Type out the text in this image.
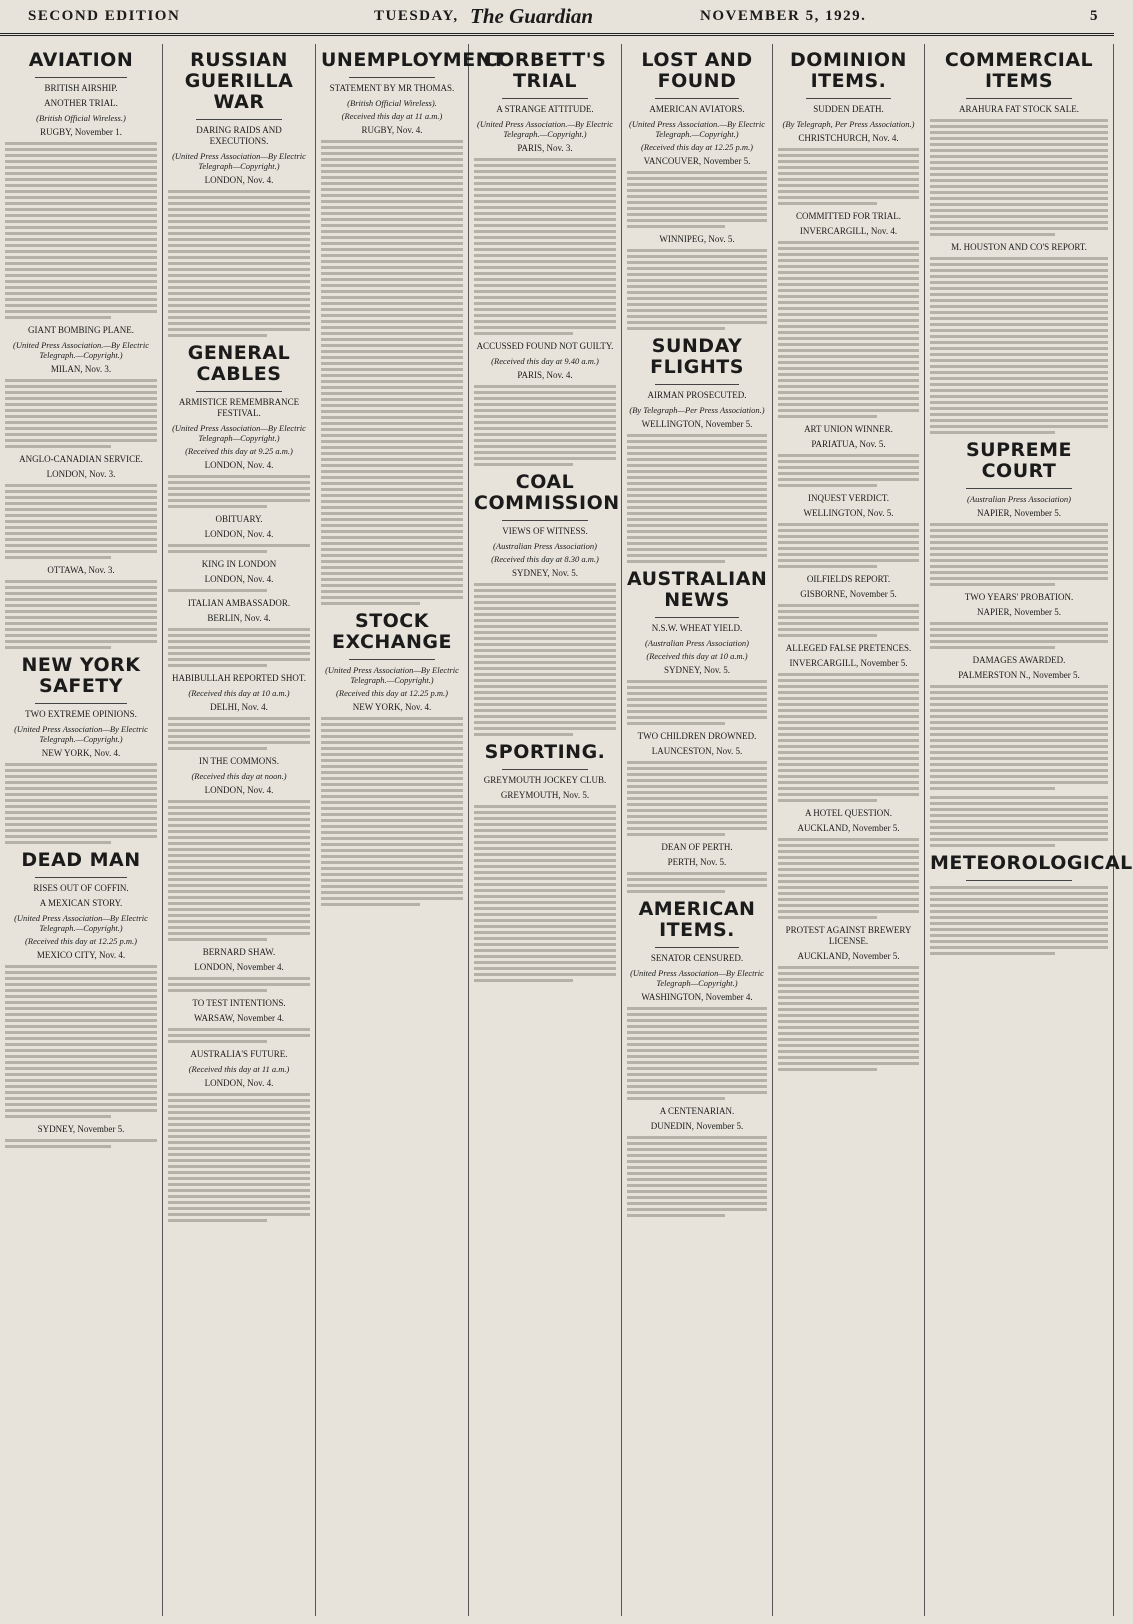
SECOND EDITION	TUESDAY, The Guardian	NOVEMBER 5, 1929.	5
AVIATION
BRITISH AIRSHIP.
ANOTHER TRIAL.
(British Official Wireless.)
RUGBY, November 1.
GIANT BOMBING PLANE.
(United Press Association.—By Electric Telegraph.—Copyright.)
MILAN, Nov. 3.
ANGLO-CANADIAN SERVICE.
LONDON, Nov. 3.
OTTAWA, Nov. 3.
NEW YORK SAFETY
TWO EXTREME OPINIONS.
(United Press Association—By Electric Telegraph.—Copyright.)
NEW YORK, Nov. 4.
DEAD MAN
RISES OUT OF COFFIN.
A MEXICAN STORY.
(United Press Association—By Electric Telegraph.—Copyright.)
(Received this day at 12.25 p.m.)
MEXICO CITY, Nov. 4.
SYDNEY, November 5.
RUSSIAN GUERILLA WAR
DARING RAIDS AND EXECUTIONS.
(United Press Association—By Electric Telegraph—Copyright.)
LONDON, Nov. 4.
GENERAL CABLES
ARMISTICE REMEMBRANCE FESTIVAL.
(United Press Association—By Electric Telegraph—Copyright.)
(Received this day at 9.25 a.m.)
LONDON, Nov. 4.
OBITUARY.
LONDON, Nov. 4.
KING IN LONDON
LONDON, Nov. 4.
ITALIAN AMBASSADOR.
BERLIN, Nov. 4.
HABIBULLAH REPORTED SHOT.
(Received this day at 10 a.m.)
DELHI, Nov. 4.
IN THE COMMONS.
(Received this day at noon.)
LONDON, Nov. 4.
BERNARD SHAW.
LONDON, November 4.
TO TEST INTENTIONS.
WARSAW, November 4.
AUSTRALIA'S FUTURE.
(Received this day at 11 a.m.)
LONDON, Nov. 4.
UNEMPLOYMENT
STATEMENT BY MR THOMAS.
(British Official Wireless).
(Received this day at 11 a.m.)
RUGBY, Nov. 4.
STOCK EXCHANGE
(United Press Association—By Electric Telegraph.—Copyright.)
(Received this day at 12.25 p.m.)
NEW YORK, Nov. 4.
CORBETT'S TRIAL
A STRANGE ATTITUDE.
(United Press Association.—By Electric Telegraph.—Copyright.)
PARIS, Nov. 3.
ACCUSSED FOUND NOT GUILTY.
(Received this day at 9.40 a.m.)
PARIS, Nov. 4.
COAL COMMISSION
VIEWS OF WITNESS.
(Australian Press Association)
(Received this day at 8.30 a.m.)
SYDNEY, Nov. 5.
SPORTING.
GREYMOUTH JOCKEY CLUB.
GREYMOUTH, Nov. 5.
LOST AND FOUND
AMERICAN AVIATORS.
(United Press Association.—By Electric Telegraph.—Copyright.)
(Received this day at 12.25 p.m.)
VANCOUVER, November 5.
WINNIPEG, Nov. 5.
SUNDAY FLIGHTS
AIRMAN PROSECUTED.
(By Telegraph—Per Press Association.)
WELLINGTON, November 5.
AUSTRALIAN NEWS
N.S.W. WHEAT YIELD.
(Australian Press Association)
(Received this day at 10 a.m.)
SYDNEY, Nov. 5.
TWO CHILDREN DROWNED.
LAUNCESTON, Nov. 5.
DEAN OF PERTH.
PERTH, Nov. 5.
AMERICAN ITEMS.
SENATOR CENSURED.
(United Press Association—By Electric Telegraph—Copyright.)
WASHINGTON, November 4.
A CENTENARIAN.
DUNEDIN, November 5.
DOMINION ITEMS.
SUDDEN DEATH.
(By Telegraph, Per Press Association.)
CHRISTCHURCH, Nov. 4.
COMMITTED FOR TRIAL.
INVERCARGILL, Nov. 4.
ART UNION WINNER.
PARIATUA, Nov. 5.
INQUEST VERDICT.
WELLINGTON, Nov. 5.
OILFIELDS REPORT.
GISBORNE, November 5.
ALLEGED FALSE PRETENCES.
INVERCARGILL, November 5.
A HOTEL QUESTION.
AUCKLAND, November 5.
PROTEST AGAINST BREWERY LICENSE.
AUCKLAND, November 5.
COMMERCIAL ITEMS
ARAHURA FAT STOCK SALE.
M. HOUSTON AND CO'S REPORT.
SUPREME COURT
(Australian Press Association)
NAPIER, November 5.
TWO YEARS' PROBATION.
NAPIER, November 5.
DAMAGES AWARDED.
PALMERSTON N., November 5.
METEOROLOGICAL
